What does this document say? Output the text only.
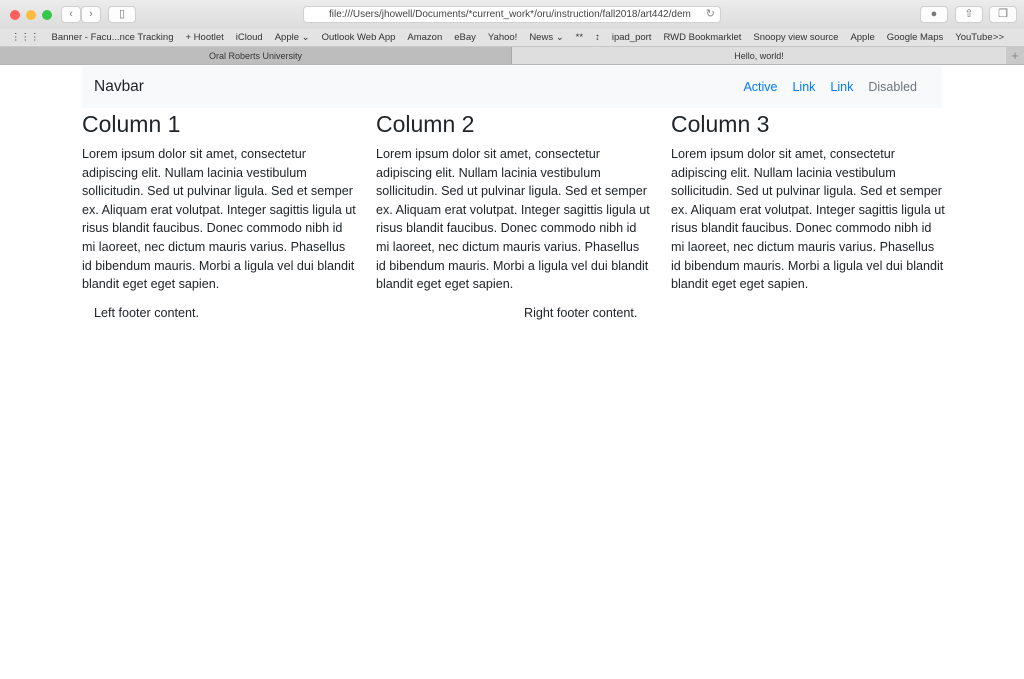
‹	›	▯	file:///Users/jhowell/Documents/*current_work*/oru/instruction/fall2018/art442/dem ↻	●	⇧	❐
⋮⋮⋮ Banner - Facu...nce Tracking + Hootlet iCloud Apple ⌄ Outlook Web App Amazon eBay Yahoo! News ⌄ ** ↕ ipad_port RWD Bookmarklet Snoopy view source Apple Google Maps YouTube >>
Oral Roberts University	Hello, world!	+
Navbar	Active	Link	Link	Disabled
Column 1

Lorem ipsum dolor sit amet, consectetur adipiscing elit. Nullam lacinia vestibulum sollicitudin. Sed ut pulvinar ligula. Sed et semper ex. Aliquam erat volutpat. Integer sagittis ligula ut risus blandit faucibus. Donec commodo nibh id mi laoreet, nec dictum mauris varius. Phasellus id bibendum mauris. Morbi a ligula vel dui blandit blandit eget eget sapien.

Column 2

Lorem ipsum dolor sit amet, consectetur adipiscing elit. Nullam lacinia vestibulum sollicitudin. Sed ut pulvinar ligula. Sed et semper ex. Aliquam erat volutpat. Integer sagittis ligula ut risus blandit faucibus. Donec commodo nibh id mi laoreet, nec dictum mauris varius. Phasellus id bibendum mauris. Morbi a ligula vel dui blandit blandit eget eget sapien.

Column 3

Lorem ipsum dolor sit amet, consectetur adipiscing elit. Nullam lacinia vestibulum sollicitudin. Sed ut pulvinar ligula. Sed et semper ex. Aliquam erat volutpat. Integer sagittis ligula ut risus blandit faucibus. Donec commodo nibh id mi laoreet, nec dictum mauris varius. Phasellus id bibendum mauris. Morbi a ligula vel dui blandit blandit eget eget sapien.

Left footer content.	Right footer content.
